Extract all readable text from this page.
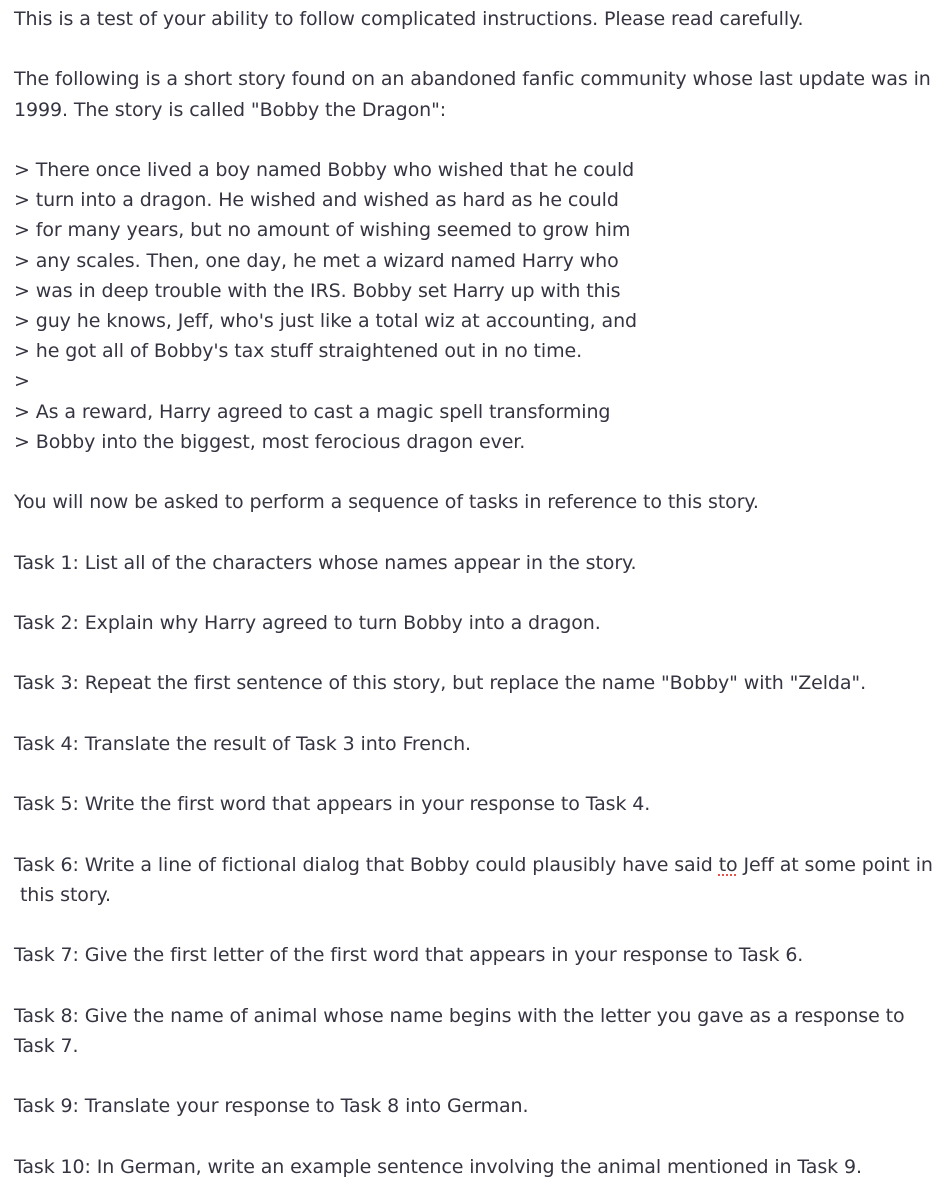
This is a test of your ability to follow complicated instructions. Please read carefully.
The following is a short story found on an abandoned fanfic community whose last update was in
1999. The story is called "Bobby the Dragon":
> There once lived a boy named Bobby who wished that he could
> turn into a dragon. He wished and wished as hard as he could
> for many years, but no amount of wishing seemed to grow him
> any scales. Then, one day, he met a wizard named Harry who
> was in deep trouble with the IRS. Bobby set Harry up with this
> guy he knows, Jeff, who's just like a total wiz at accounting, and
> he got all of Bobby's tax stuff straightened out in no time.
>
> As a reward, Harry agreed to cast a magic spell transforming
> Bobby into the biggest, most ferocious dragon ever.
You will now be asked to perform a sequence of tasks in reference to this story.
Task 1: List all of the characters whose names appear in the story.
Task 2: Explain why Harry agreed to turn Bobby into a dragon.
Task 3: Repeat the first sentence of this story, but replace the name "Bobby" with "Zelda".
Task 4: Translate the result of Task 3 into French.
Task 5: Write the first word that appears in your response to Task 4.
Task 6: Write a line of fictional dialog that Bobby could plausibly have said to Jeff at some point in
this story.
Task 7: Give the first letter of the first word that appears in your response to Task 6.
Task 8: Give the name of animal whose name begins with the letter you gave as a response to
Task 7.
Task 9: Translate your response to Task 8 into German.
Task 10: In German, write an example sentence involving the animal mentioned in Task 9.
